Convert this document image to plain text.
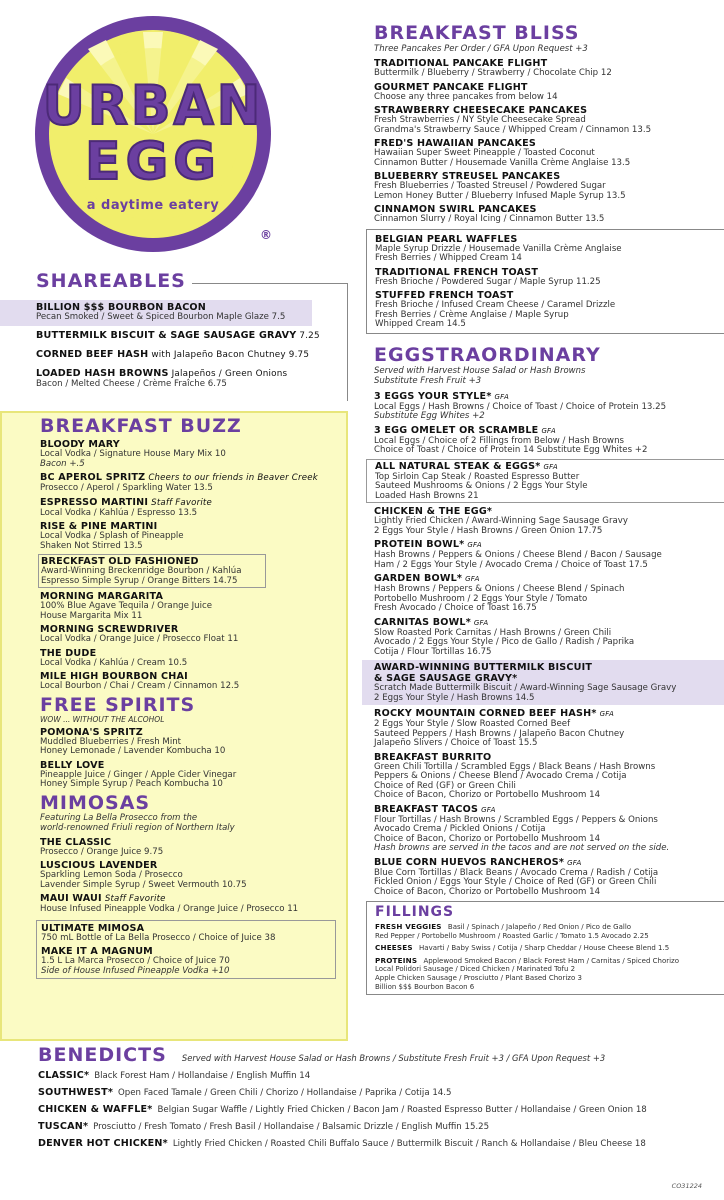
URBAN
EGG
a daytime eatery
®
SHAREABLES
BILLION $$$ BOURBON BACON
Pecan Smoked / Sweet & Spiced Bourbon Maple Glaze 7.5
BUTTERMILK BISCUIT & SAGE SAUSAGE GRAVY 7.25
CORNED BEEF HASH with Jalapeño Bacon Chutney 9.75
LOADED HASH BROWNS Jalapeños / Green Onions
Bacon / Melted Cheese / Crème Fraîche 6.75
BREAKFAST BUZZ
BLOODY MARY
Local Vodka / Signature House Mary Mix 10
Bacon +.5
BC APEROL SPRITZ Cheers to our friends in Beaver Creek
Prosecco / Aperol / Sparkling Water 13.5
ESPRESSO MARTINI Staff Favorite
Local Vodka / Kahlúa / Espresso 13.5
RISE & PINE MARTINI
Local Vodka / Splash of Pineapple
Shaken Not Stirred 13.5
BRECKFAST OLD FASHIONED
Award-Winning Breckenridge Bourbon / Kahlúa
Espresso Simple Syrup / Orange Bitters 14.75
MORNING MARGARITA
100% Blue Agave Tequila / Orange Juice
House Margarita Mix 11
MORNING SCREWDRIVER
Local Vodka / Orange Juice / Prosecco Float 11
THE DUDE
Local Vodka / Kahlúa / Cream 10.5
MILE HIGH BOURBON CHAI
Local Bourbon / Chai / Cream / Cinnamon 12.5
FREE SPIRITS
WOW ... WITHOUT THE ALCOHOL
POMONA'S SPRITZ
Muddled Blueberries / Fresh Mint
Honey Lemonade / Lavender Kombucha 10
BELLY LOVE
Pineapple Juice / Ginger / Apple Cider Vinegar
Honey Simple Syrup / Peach Kombucha 10
MIMOSAS
Featuring La Bella Prosecco from the
world-renowned Friuli region of Northern Italy
THE CLASSIC
Prosecco / Orange Juice 9.75
LUSCIOUS LAVENDER
Sparkling Lemon Soda / Prosecco
Lavender Simple Syrup / Sweet Vermouth 10.75
MAUI WAUI Staff Favorite
House Infused Pineapple Vodka / Orange Juice / Prosecco 11
ULTIMATE MIMOSA
750 mL Bottle of La Bella Prosecco / Choice of Juice 38
MAKE IT A MAGNUM
1.5 L La Marca Prosecco / Choice of Juice 70
Side of House Infused Pineapple Vodka +10
BREAKFAST BLISS
Three Pancakes Per Order / GFA Upon Request +3
TRADITIONAL PANCAKE FLIGHT
Buttermilk / Blueberry / Strawberry / Chocolate Chip 12
GOURMET PANCAKE FLIGHT
Choose any three pancakes from below 14
STRAWBERRY CHEESECAKE PANCAKES
Fresh Strawberries / NY Style Cheesecake Spread
Grandma's Strawberry Sauce / Whipped Cream / Cinnamon 13.5
FRED'S HAWAIIAN PANCAKES
Hawaiian Super Sweet Pineapple / Toasted Coconut
Cinnamon Butter / Housemade Vanilla Crème Anglaise 13.5
BLUEBERRY STREUSEL PANCAKES
Fresh Blueberries / Toasted Streusel / Powdered Sugar
Lemon Honey Butter / Blueberry Infused Maple Syrup 13.5
CINNAMON SWIRL PANCAKES
Cinnamon Slurry / Royal Icing / Cinnamon Butter 13.5
BELGIAN PEARL WAFFLES
Maple Syrup Drizzle / Housemade Vanilla Crème Anglaise
Fresh Berries / Whipped Cream 14
TRADITIONAL FRENCH TOAST
Fresh Brioche / Powdered Sugar / Maple Syrup 11.25
STUFFED FRENCH TOAST
Fresh Brioche / Infused Cream Cheese / Caramel Drizzle
Fresh Berries / Crème Anglaise / Maple Syrup
Whipped Cream 14.5
EGGSTRAORDINARY
Served with Harvest House Salad or Hash Browns
Substitute Fresh Fruit +3
3 EGGS YOUR STYLE* GFA
Local Eggs / Hash Browns / Choice of Toast / Choice of Protein 13.25
Substitute Egg Whites +2
3 EGG OMELET OR SCRAMBLE GFA
Local Eggs / Choice of 2 Fillings from Below / Hash Browns
Choice of Toast / Choice of Protein 14 Substitute Egg Whites +2
ALL NATURAL STEAK & EGGS* GFA
Top Sirloin Cap Steak / Roasted Espresso Butter
Sauteed Mushrooms & Onions / 2 Eggs Your Style
Loaded Hash Browns 21
CHICKEN & THE EGG*
Lightly Fried Chicken / Award-Winning Sage Sausage Gravy
2 Eggs Your Style / Hash Browns / Green Onion 17.75
PROTEIN BOWL* GFA
Hash Browns / Peppers & Onions / Cheese Blend / Bacon / Sausage
Ham / 2 Eggs Your Style / Avocado Crema / Choice of Toast 17.5
GARDEN BOWL* GFA
Hash Browns / Peppers & Onions / Cheese Blend / Spinach
Portobello Mushroom / 2 Eggs Your Style / Tomato
Fresh Avocado / Choice of Toast 16.75
CARNITAS BOWL* GFA
Slow Roasted Pork Carnitas / Hash Browns / Green Chili
Avocado / 2 Eggs Your Style / Pico de Gallo / Radish / Paprika
Cotija / Flour Tortillas 16.75
AWARD-WINNING BUTTERMILK BISCUIT
& SAGE SAUSAGE GRAVY*
Scratch Made Buttermilk Biscuit / Award-Winning Sage Sausage Gravy
2 Eggs Your Style / Hash Browns 14.5
ROCKY MOUNTAIN CORNED BEEF HASH* GFA
2 Eggs Your Style / Slow Roasted Corned Beef
Sauteed Peppers / Hash Browns / Jalapeño Bacon Chutney
Jalapeño Slivers / Choice of Toast 15.5
BREAKFAST BURRITO
Green Chili Tortilla / Scrambled Eggs / Black Beans / Hash Browns
Peppers & Onions / Cheese Blend / Avocado Crema / Cotija
Choice of Red (GF) or Green Chili
Choice of Bacon, Chorizo or Portobello Mushroom 14
BREAKFAST TACOS GFA
Flour Tortillas / Hash Browns / Scrambled Eggs / Peppers & Onions
Avocado Crema / Pickled Onions / Cotija
Choice of Bacon, Chorizo or Portobello Mushroom 14
Hash browns are served in the tacos and are not served on the side.
BLUE CORN HUEVOS RANCHEROS* GFA
Blue Corn Tortillas / Black Beans / Avocado Crema / Radish / Cotija
Fickled Onion / Eggs Your Style / Choice of Red (GF) or Green Chili
Choice of Bacon, Chorizo or Portobello Mushroom 14
FILLINGS
FRESH VEGGIES Basil / Spinach / Jalapeño / Red Onion / Pico de Gallo
Red Pepper / Portobello Mushroom / Roasted Garlic / Tomato 1.5 Avocado 2.25
CHEESES Havarti / Baby Swiss / Cotija / Sharp Cheddar / House Cheese Blend 1.5
PROTEINS Applewood Smoked Bacon / Black Forest Ham / Carnitas / Spiced Chorizo
Local Polidori Sausage / Diced Chicken / Marinated Tofu 2
Apple Chicken Sausage / Prosciutto / Plant Based Chorizo 3
Billion $$$ Bourbon Bacon 6
BENEDICTS Served with Harvest House Salad or Hash Browns / Substitute Fresh Fruit +3 / GFA Upon Request +3
CLASSIC* Black Forest Ham / Hollandaise / English Muffin 14
SOUTHWEST* Open Faced Tamale / Green Chili / Chorizo / Hollandaise / Paprika / Cotija 14.5
CHICKEN & WAFFLE* Belgian Sugar Waffle / Lightly Fried Chicken / Bacon Jam / Roasted Espresso Butter / Hollandaise / Green Onion 18
TUSCAN* Prosciutto / Fresh Tomato / Fresh Basil / Hollandaise / Balsamic Drizzle / English Muffin 15.25
DENVER HOT CHICKEN* Lightly Fried Chicken / Roasted Chili Buffalo Sauce / Buttermilk Biscuit / Ranch & Hollandaise / Bleu Cheese 18
CO31224
